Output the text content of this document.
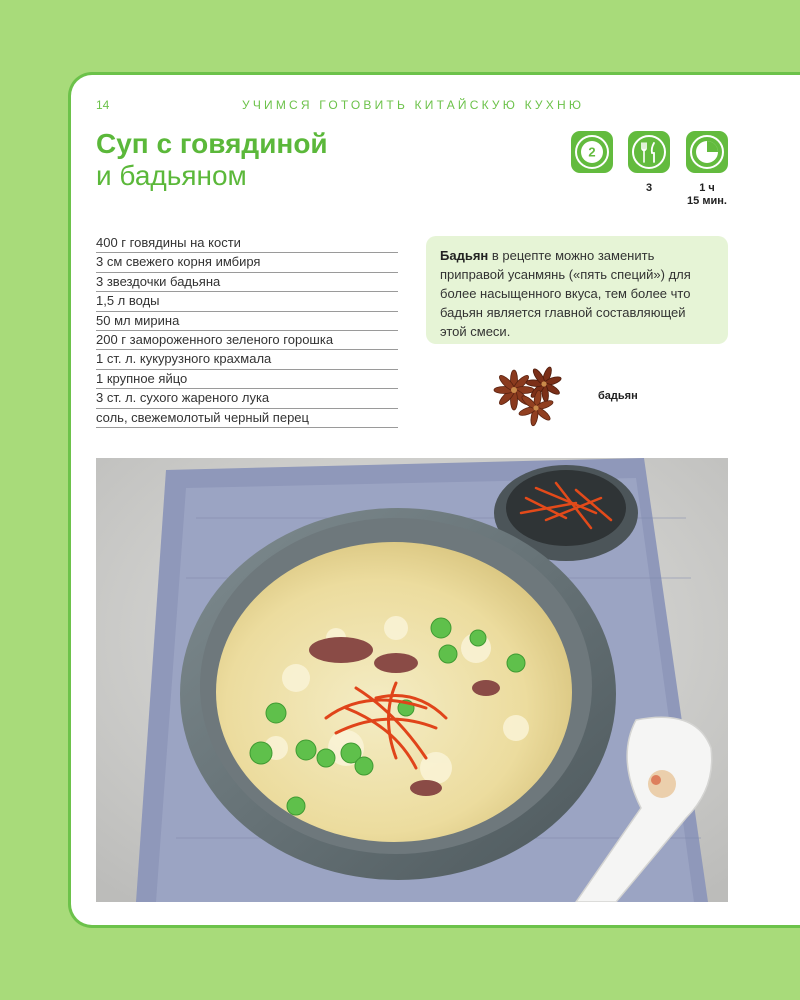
14	УЧИМСЯ ГОТОВИТЬ КИТАЙСКУЮ КУХНЮ
Суп с говядиной
и бадьяном
2
3	1 ч
15 мин.
400 г говядины на кости
3 см свежего корня имбиря
3 звездочки бадьяна
1,5 л воды
50 мл мирина
200 г замороженного зеленого горошка
1 ст. л. кукурузного крахмала
1 крупное яйцо
3 ст. л. сухого жареного лука
соль, свежемолотый черный перец
Бадьян в рецепте можно заменить приправой усанмянь («пять специй») для более насыщенного вкуса, тем более что бадьян является главной составляющей этой смеси.
бадьян
